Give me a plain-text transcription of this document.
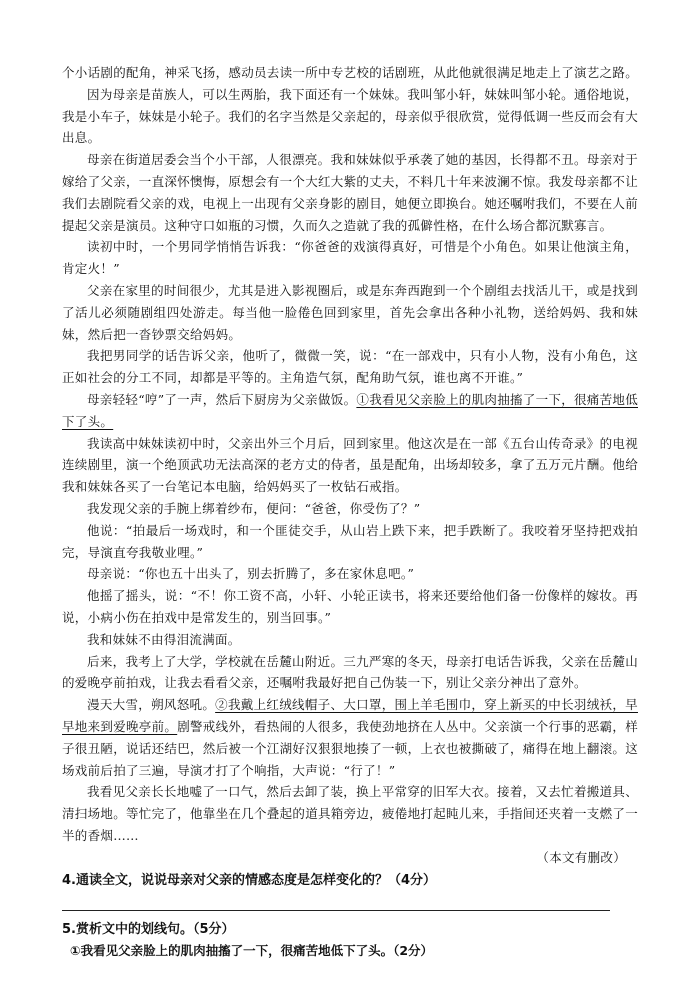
个小话剧的配角，神采飞扬，感动员去读一所中专艺校的话剧班，从此他就很满足地走上了演艺之路。

因为母亲是苗族人，可以生两胎，我下面还有一个妹妹。我叫邹小轩，妹妹叫邹小轮。通俗地说，我是小车子，妹妹是小轮子。我们的名字当然是父亲起的，母亲似乎很欣赏，觉得低调一些反而会有大出息。

母亲在街道居委会当个小干部，人很漂亮。我和妹妹似乎承袭了她的基因，长得都不丑。母亲对于嫁给了父亲，一直深怀懊悔，原想会有一个大红大紫的丈夫，不料几十年来波澜不惊。我发母亲都不让我们去剧院看父亲的戏，电视上一出现有父亲身影的剧目，她便立即换台。她还嘱咐我们，不要在人前提起父亲是演员。这种守口如瓶的习惯，久而久之造就了我的孤僻性格，在什么场合都沉默寡言。

读初中时，一个男同学悄悄告诉我：“你爸爸的戏演得真好，可惜是个小角色。如果让他演主角，肯定火！”

父亲在家里的时间很少，尤其是进入影视圈后，或是东奔西跑到一个个剧组去找活儿干，或是找到了活儿必须随剧组四处游走。每当他一脸倦色回到家里，首先会拿出各种小礼物，送给妈妈、我和妹妹，然后把一沓钞票交给妈妈。

我把男同学的话告诉父亲，他听了，微微一笑，说：“在一部戏中，只有小人物，没有小角色，这正如社会的分工不同，却都是平等的。主角造气氛，配角助气氛，谁也离不开谁。”

母亲轻轻“哼”了一声，然后下厨房为父亲做饭。①我看见父亲脸上的肌肉抽搐了一下，很痛苦地低下了头。

我读高中妹妹读初中时，父亲出外三个月后，回到家里。他这次是在一部《五台山传奇录》的电视连续剧里，演一个绝顶武功无法高深的老方丈的侍者，虽是配角，出场却较多，拿了五万元片酬。他给我和妹妹各买了一台笔记本电脑，给妈妈买了一枚钻石戒指。

我发现父亲的手腕上绑着纱布，便问：“爸爸，你受伤了？”

他说：“拍最后一场戏时，和一个匪徒交手，从山岩上跌下来，把手跌断了。我咬着牙坚持把戏拍完，导演直夸我敬业哩。”

母亲说：“你也五十出头了，别去折腾了，多在家休息吧。”

他摇了摇头，说：“不！你工资不高，小轩、小轮正读书，将来还要给他们备一份像样的嫁妆。再说，小病小伤在拍戏中是常发生的，别当回事。”

我和妹妹不由得泪流满面。

后来，我考上了大学，学校就在岳麓山附近。三九严寒的冬天，母亲打电话告诉我，父亲在岳麓山的爱晚亭前拍戏，让我去看看父亲，还嘱咐我最好把自己伪装一下，别让父亲分神出了意外。

漫天大雪，朔风怒吼。②我戴上红绒线帽子、大口罩，围上羊毛围巾，穿上新买的中长羽绒袄，早早地来到爱晚亭前。剧警戒线外，看热闹的人很多，我使劲地挤在人丛中。父亲演一个行事的恶霸，样子很丑陋，说话还结巴，然后被一个江湖好汉狠狠地揍了一顿，上衣也被撕破了，痛得在地上翻滚。这场戏前后拍了三遍，导演才打了个响指，大声说：“行了！”

我看见父亲长长地嘘了一口气，然后去卸了装，换上平常穿的旧军大衣。接着，又去忙着搬道具、清扫场地。等忙完了，他靠坐在几个叠起的道具箱旁边，疲倦地打起盹儿来，手指间还夹着一支燃了一半的香烟……

（本文有删改）

4.通读全文，说说母亲对父亲的情感态度是怎样变化的？（4分）

5.赏析文中的划线句。（5分）

①我看见父亲脸上的肌肉抽搐了一下，很痛苦地低下了头。（2分）
